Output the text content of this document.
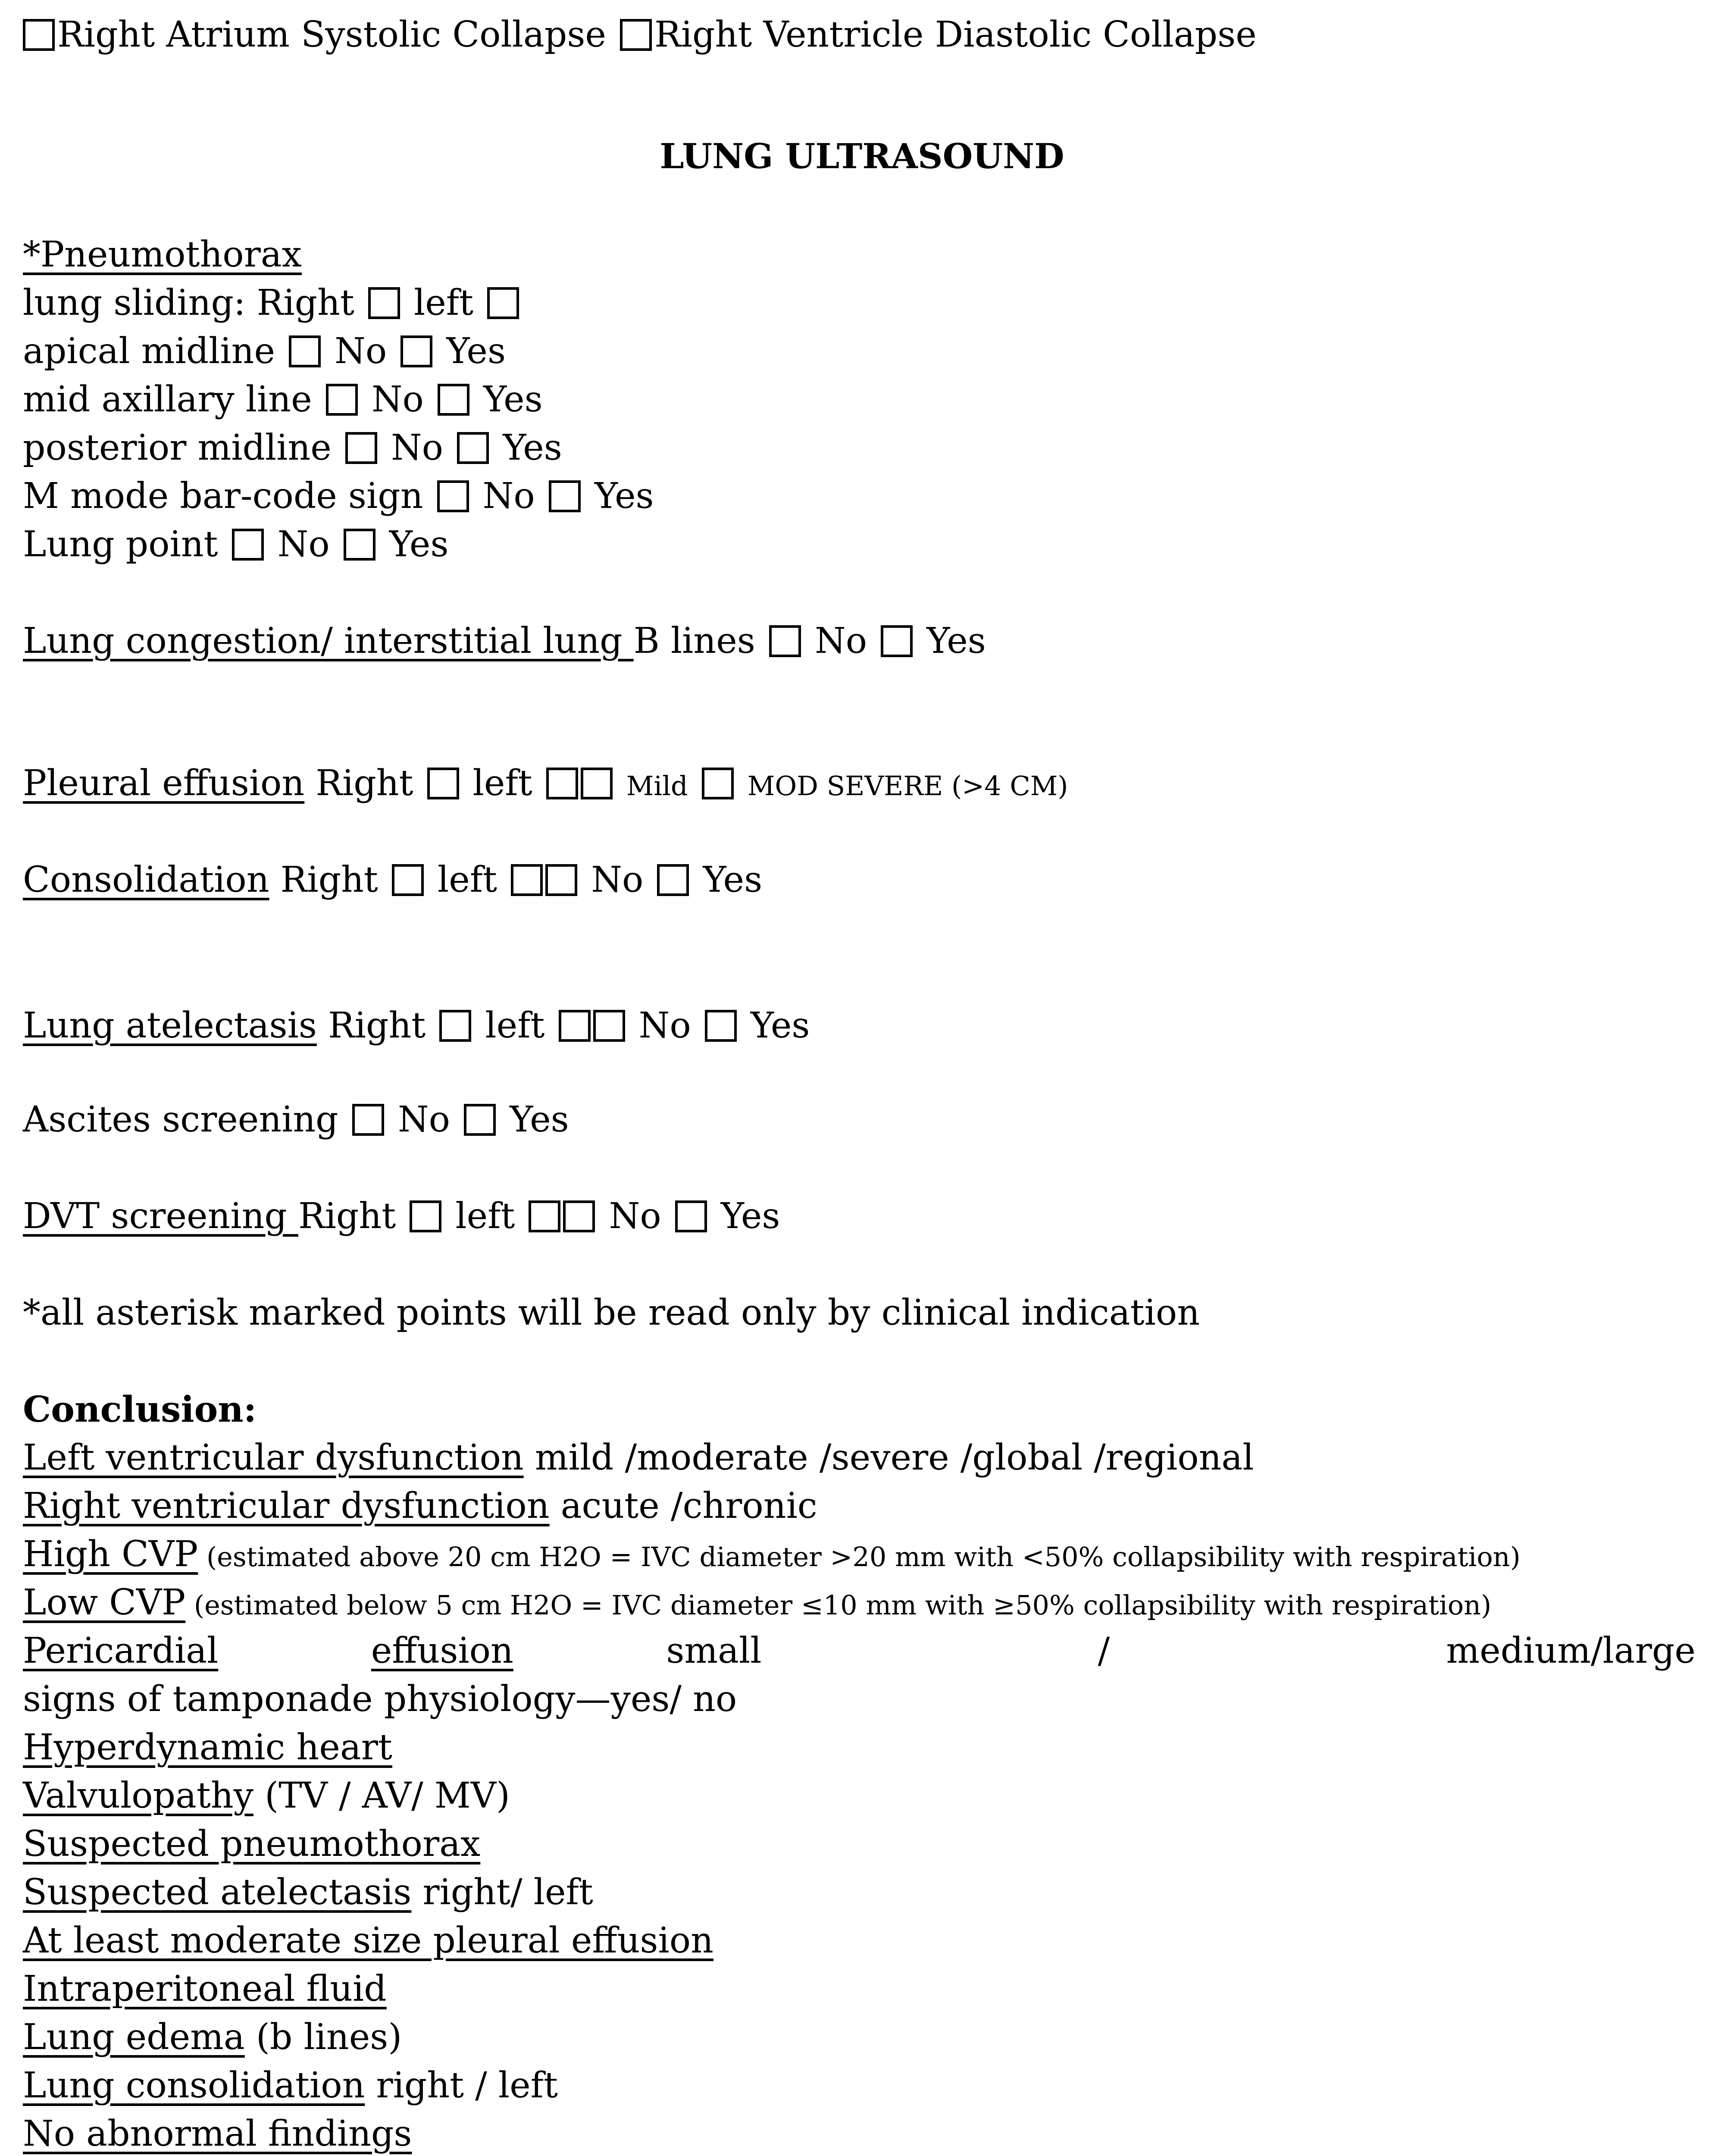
Right Atrium Systolic Collapse Right Ventricle Diastolic Collapse
LUNG ULTRASOUND
*Pneumothorax
lung sliding: Right left
apical midline No Yes
mid axillary line No Yes
posterior midline No Yes
M mode bar-code sign No Yes
Lung point No Yes
Lung congestion/ interstitial lung B lines No Yes
Pleural effusion Right left	Mild MOD SEVERE (>4 CM)
Consolidation Right left	No Yes
Lung atelectasis Right left	No Yes
Ascites screening No Yes
DVT screening Right left	No Yes
*all asterisk marked points will be read only by clinical indication
Conclusion:
Left ventricular dysfunction mild /moderate /severe /global /regional
Right ventricular dysfunction acute /chronic
High CVP (estimated above 20 cm H2O = IVC diameter >20 mm with <50% collapsibility with respiration)
Low CVP (estimated below 5 cm H2O = IVC diameter ≤10 mm with ≥50% collapsibility with respiration)
Pericardial	effusion	small	/	medium/large
signs of tamponade physiology—yes/ no
Hyperdynamic heart
Valvulopathy (TV / AV/ MV)
Suspected pneumothorax
Suspected atelectasis right/ left
At least moderate size pleural effusion
Intraperitoneal fluid
Lung edema (b lines)
Lung consolidation right / left
No abnormal findings
